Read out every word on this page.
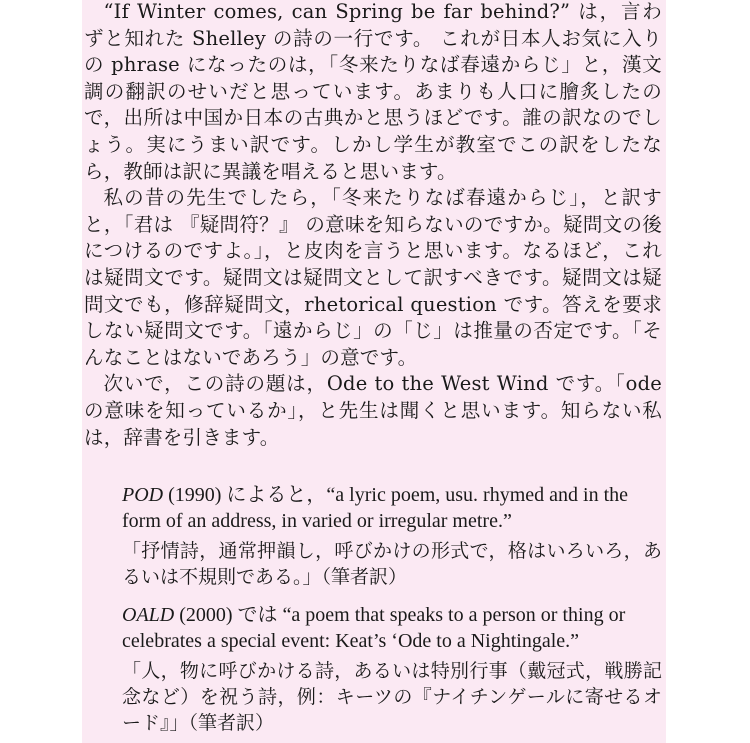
“If Winter comes, can Spring be far behind?” は，言わずと知れた Shelley の詩の一行です。 これが日本人お気に入りの phrase になったのは，「冬来たりなば春遠からじ」と，漢文調の翻訳のせいだと思っています。あまりも人口に膾炙したので，出所は中国か日本の古典かと思うほどです。誰の訳なのでしょう。実にうまい訳です。しかし学生が教室でこの訳をしたなら，教師は訳に異議を唱えると思います。

私の昔の先生でしたら，「冬来たりなば春遠からじ」，と訳すと，「君は 『疑問符？』 の意味を知らないのですか。疑問文の後につけるのですよ。」，と皮肉を言うと思います。なるほど，これは疑問文です。疑問文は疑問文として訳すべきです。疑問文は疑問文でも，修辞疑問文，rhetorical question です。答えを要求しない疑問文です。「遠からじ」の「じ」は推量の否定です。「そんなことはないであろう」の意です。

次いで，この詩の題は，Ode to the West Wind です。「ode の意味を知っているか」，と先生は聞くと思います。知らない私は，辞書を引きます。

POD (1990) によると，“a lyric poem, usu. rhymed and in the form of an address, in varied or irregular metre.”

「抒情詩，通常押韻し，呼びかけの形式で，格はいろいろ，あるいは不規則である。」（筆者訳）

OALD (2000) では “a poem that speaks to a person or thing or celebrates a special event: Keat’s ‘Ode to a Nightingale.”

「人，物に呼びかける詩，あるいは特別行事（戴冠式，戦勝記念など）を祝う詩，例：キーツの『ナイチンゲールに寄せるオード』」（筆者訳）
